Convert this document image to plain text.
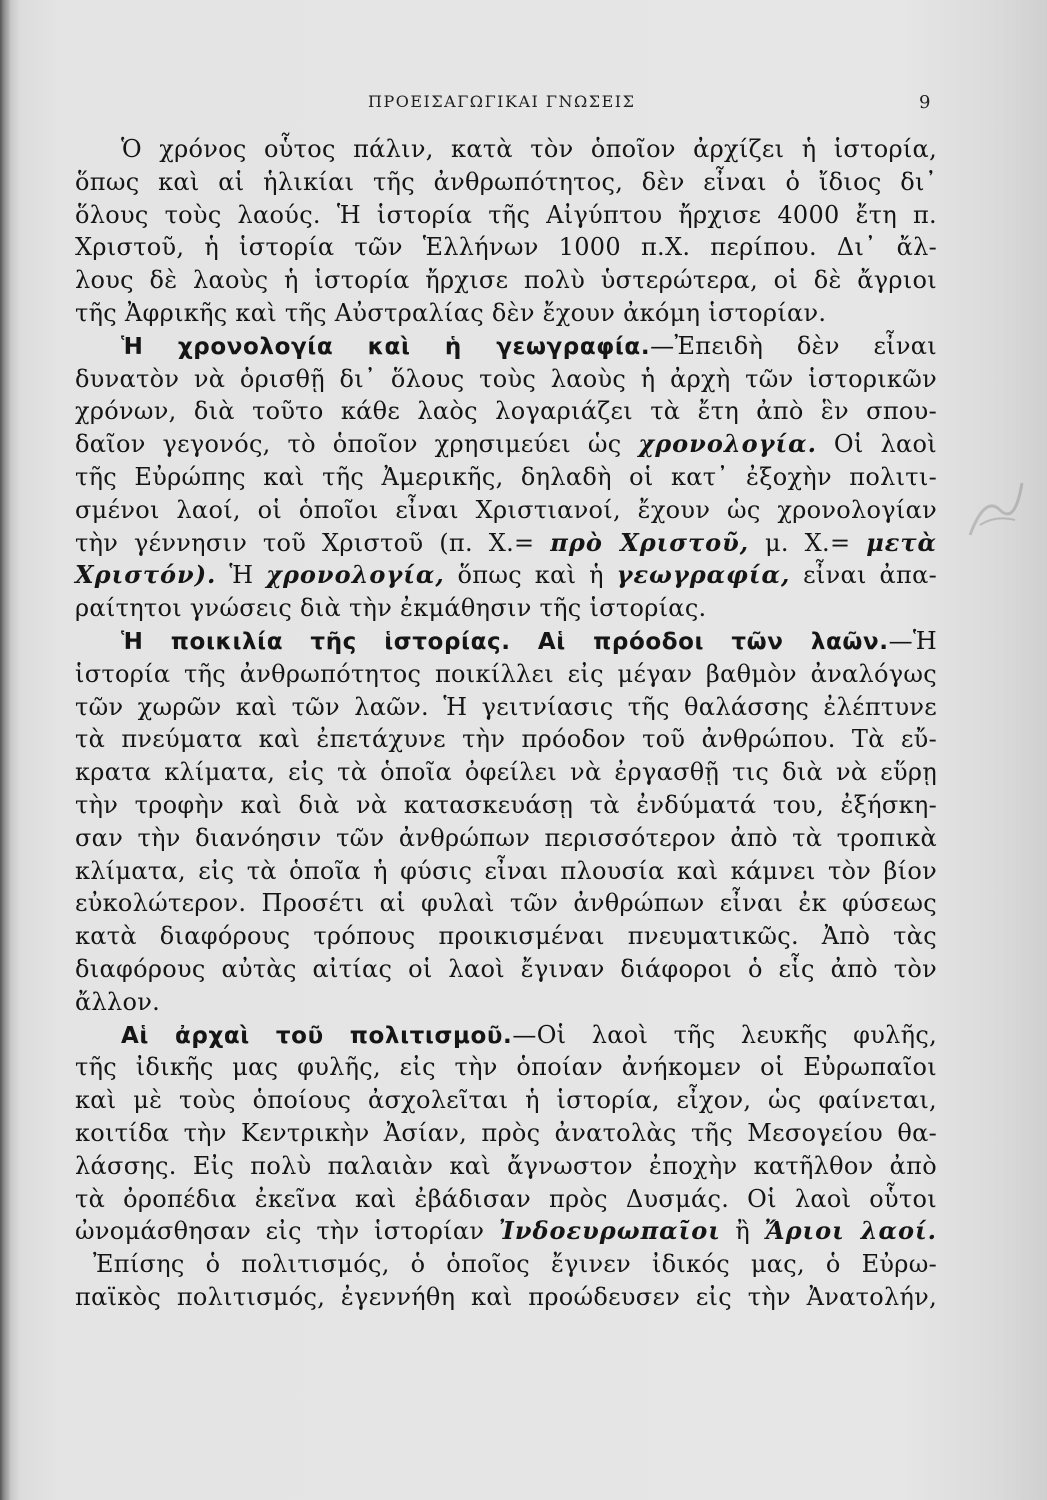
ΠΡΟΕΙΣΑΓΩΓΙΚΑΙ ΓΝΩΣΕΙΣ	9
Ὁ χρόνος οὗτος πάλιν, κατὰ τὸν ὁποῖον ἀρχίζει ἡ ἱστορία,
ὅπως καὶ αἱ ἡλικίαι τῆς ἀνθρωπότητος, δὲν εἶναι ὁ ἴδιος δι᾽
ὅλους τοὺς λαούς. Ἡ ἱστορία τῆς Αἰγύπτου ἤρχισε 4000 ἔτη π.
Χριστοῦ, ἡ ἱστορία τῶν Ἑλλήνων 1000 π.Χ. περίπου. Δι᾽ ἄλ-
λους δὲ λαοὺς ἡ ἱστορία ἤρχισε πολὺ ὑστερώτερα, οἱ δὲ ἄγριοι
τῆς Ἀφρικῆς καὶ τῆς Αὐστραλίας δὲν ἔχουν ἀκόμη ἱστορίαν.
Ἡ χρονολογία καὶ ἡ γεωγραφία.—Ἐπειδὴ δὲν εἶναι
δυνατὸν νὰ ὁρισθῇ δι᾽ ὅλους τοὺς λαοὺς ἡ ἀρχὴ τῶν ἱστορικῶν
χρόνων, διὰ τοῦτο κάθε λαὸς λογαριάζει τὰ ἔτη ἀπὸ ἓν σπου-
δαῖον γεγονός, τὸ ὁποῖον χρησιμεύει ὡς χρονολογία. Οἱ λαοὶ
τῆς Εὐρώπης καὶ τῆς Ἀμερικῆς, δηλαδὴ οἱ κατ᾽ ἐξοχὴν πολιτι-
σμένοι λαοί, οἱ ὁποῖοι εἶναι Χριστιανοί, ἔχουν ὡς χρονολογίαν
τὴν γέννησιν τοῦ Χριστοῦ (π. Χ.= πρὸ Χριστοῦ, μ. Χ.= μετὰ
Χριστόν). Ἡ χρονολογία, ὅπως καὶ ἡ γεωγραφία, εἶναι ἀπα-
ραίτητοι γνώσεις διὰ τὴν ἐκμάθησιν τῆς ἱστορίας.
Ἡ ποικιλία τῆς ἱστορίας. Αἱ πρόοδοι τῶν λαῶν.—Ἡ
ἱστορία τῆς ἀνθρωπότητος ποικίλλει εἰς μέγαν βαθμὸν ἀναλόγως
τῶν χωρῶν καὶ τῶν λαῶν. Ἡ γειτνίασις τῆς θαλάσσης ἐλέπτυνε
τὰ πνεύματα καὶ ἐπετάχυνε τὴν πρόοδον τοῦ ἀνθρώπου. Τὰ εὔ-
κρατα κλίματα, εἰς τὰ ὁποῖα ὀφείλει νὰ ἐργασθῇ τις διὰ νὰ εὕρῃ
τὴν τροφὴν καὶ διὰ νὰ κατασκευάσῃ τὰ ἐνδύματά του, ἐξήσκη-
σαν τὴν διανόησιν τῶν ἀνθρώπων περισσότερον ἀπὸ τὰ τροπικὰ
κλίματα, εἰς τὰ ὁποῖα ἡ φύσις εἶναι πλουσία καὶ κάμνει τὸν βίον
εὐκολώτερον. Προσέτι αἱ φυλαὶ τῶν ἀνθρώπων εἶναι ἐκ φύσεως
κατὰ διαφόρους τρόπους προικισμέναι πνευματικῶς. Ἀπὸ τὰς
διαφόρους αὐτὰς αἰτίας οἱ λαοὶ ἔγιναν διάφοροι ὁ εἷς ἀπὸ τὸν
ἄλλον.
Αἱ ἀρχαὶ τοῦ πολιτισμοῦ.—Οἱ λαοὶ τῆς λευκῆς φυλῆς,
τῆς ἰδικῆς μας φυλῆς, εἰς τὴν ὁποίαν ἀνήκομεν οἱ Εὐρωπαῖοι
καὶ μὲ τοὺς ὁποίους ἀσχολεῖται ἡ ἱστορία, εἶχον, ὡς φαίνεται,
κοιτίδα τὴν Κεντρικὴν Ἀσίαν, πρὸς ἀνατολὰς τῆς Μεσογείου θα-
λάσσης. Εἰς πολὺ παλαιὰν καὶ ἄγνωστον ἐποχὴν κατῆλθον ἀπὸ
τὰ ὀροπέδια ἐκεῖνα καὶ ἐβάδισαν πρὸς Δυσμάς. Οἱ λαοὶ οὗτοι
ὠνομάσθησαν εἰς τὴν ἱστορίαν Ἰνδοευρωπαῖοι ἢ Ἄριοι λαοί.
Ἐπίσης ὁ πολιτισμός, ὁ ὁποῖος ἔγινεν ἰδικός μας, ὁ Εὐρω-
παϊκὸς πολιτισμός, ἐγεννήθη καὶ προώδευσεν εἰς τὴν Ἀνατολήν,
